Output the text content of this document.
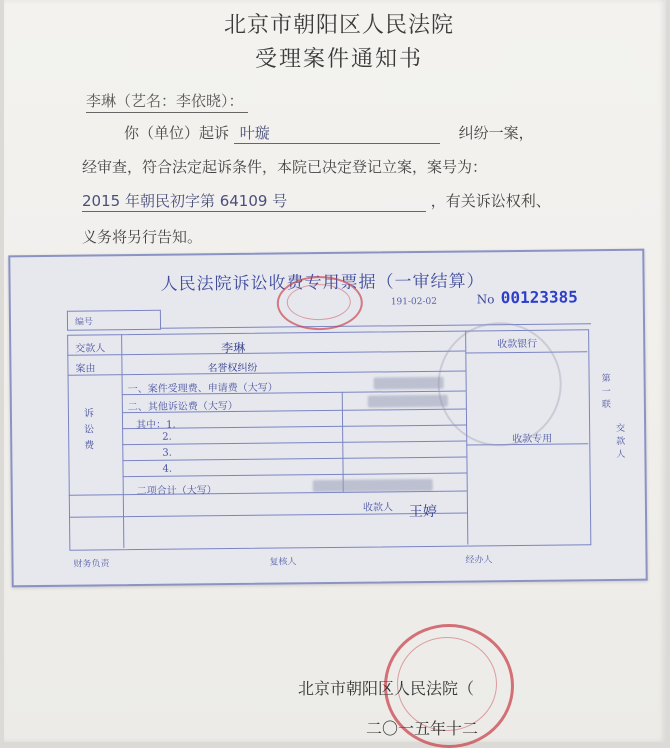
北京市朝阳区人民法院
受理案件通知书
李琳（艺名：李依晓）：
你（单位）起诉 叶璇	纠纷一案，
经审查，符合法定起诉条件，本院已决定登记立案，案号为：
2015 年朝民初字第 64109 号	，有关诉讼权利、
义务将另行告知。
人民法院诉讼收费专用票据（一审结算）
191-02-02	No 00123385
编号
交款人	李琳
案由	名誉权纠纷
一、案件受理费、申请费（大写）
二、其他诉讼费（大写）
其中：1.
2.
3.
4.
二项合计（大写）
诉讼费
收款银行
收款专用
第一联
交款人
收款人 王婷
财务负责	复核人	经办人
北京市朝阳区人民法院（
二〇一五年十二
